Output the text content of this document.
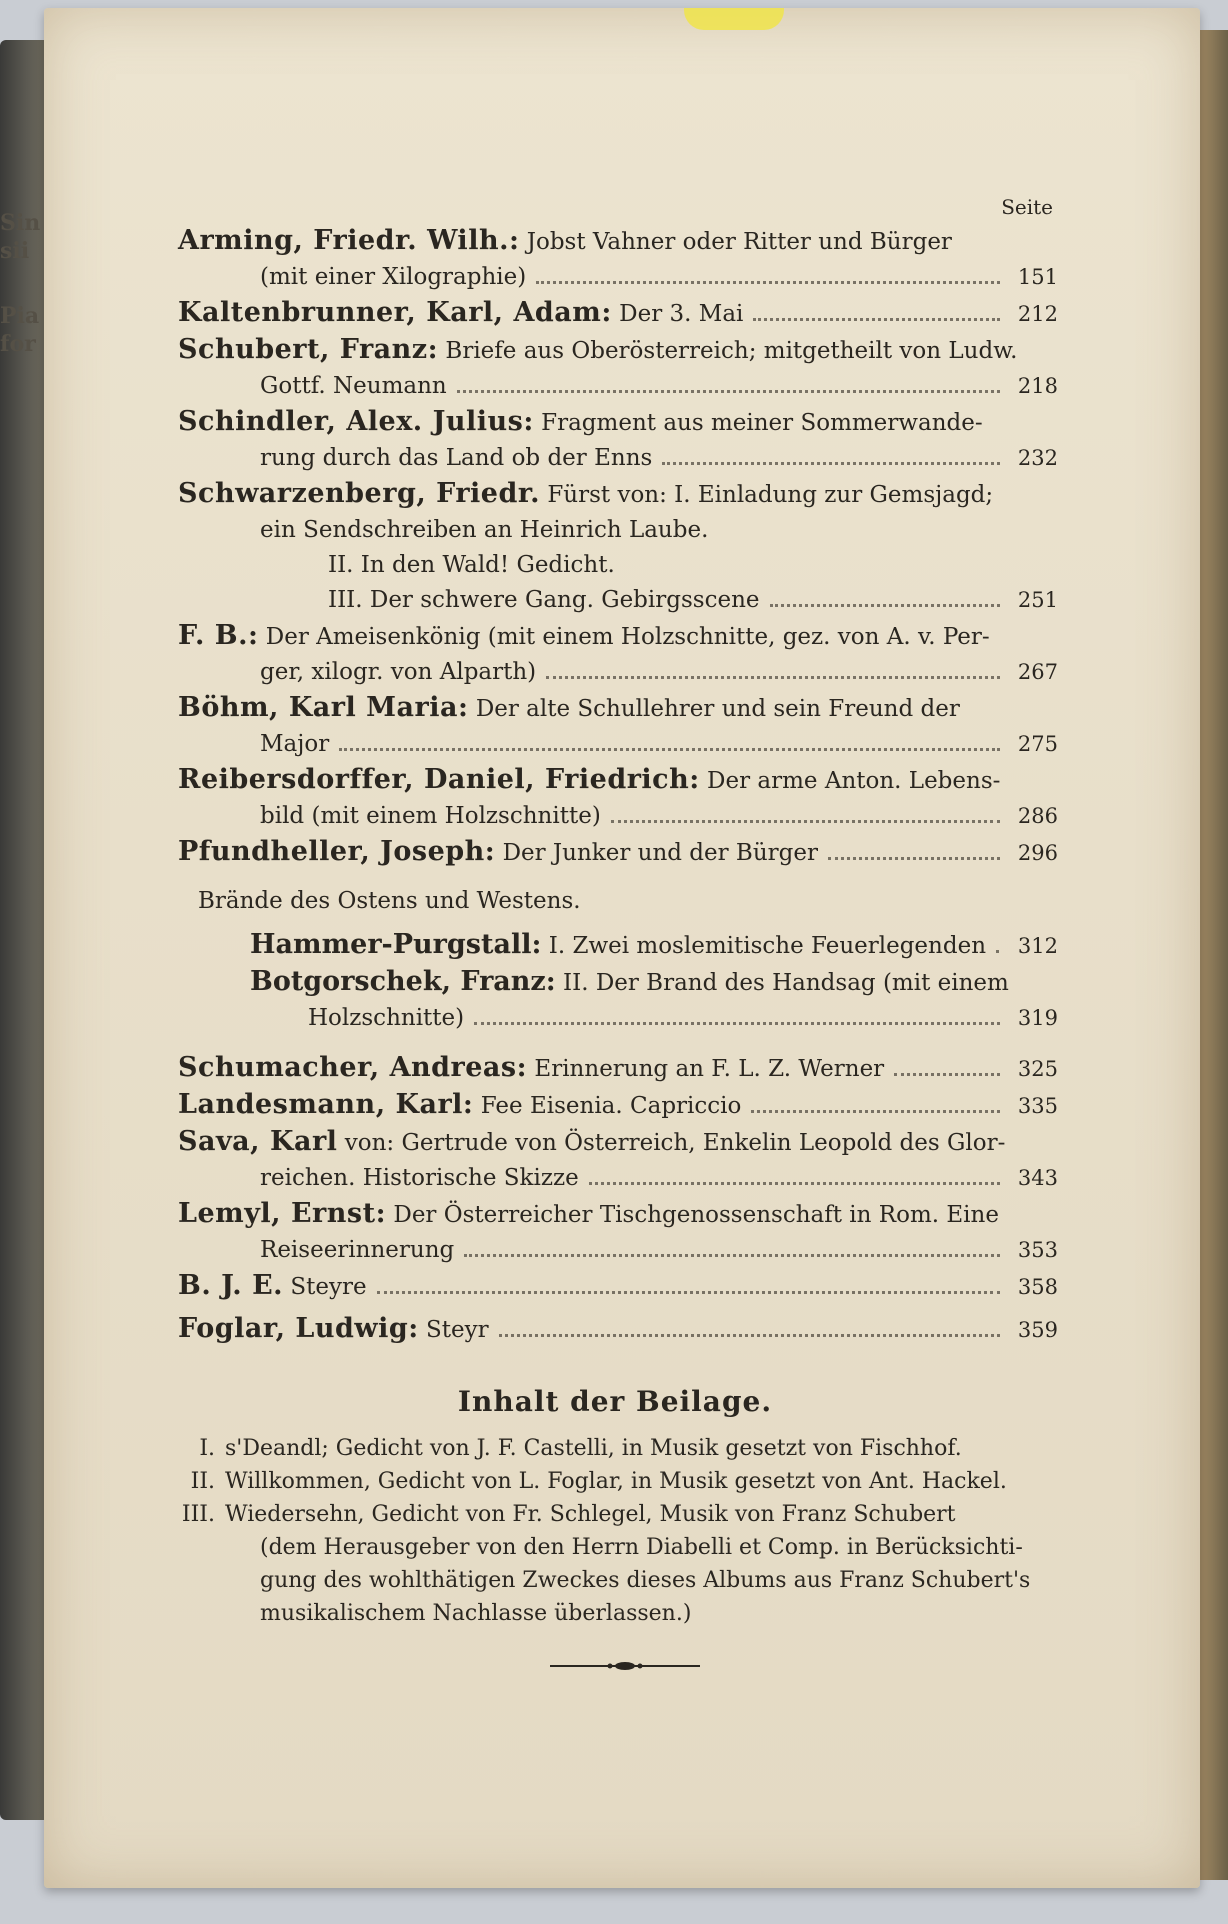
Sin
sii
Pia
for
Seite
Arming, Friedr. Wilh.: Jobst Vahner oder Ritter und Bürger
(mit einer Xilographie)	151
Kaltenbrunner, Karl, Adam: Der 3. Mai	212
Schubert, Franz: Briefe aus Oberösterreich; mitgetheilt von Ludw.
Gottf. Neumann	218
Schindler, Alex. Julius: Fragment aus meiner Sommerwande-
rung durch das Land ob der Enns	232
Schwarzenberg, Friedr. Fürst von: I. Einladung zur Gemsjagd;
ein Sendschreiben an Heinrich Laube.
II. In den Wald! Gedicht.
III. Der schwere Gang. Gebirgsscene	251
F. B.: Der Ameisenkönig (mit einem Holzschnitte, gez. von A. v. Per-
ger, xilogr. von Alparth)	267
Böhm, Karl Maria: Der alte Schullehrer und sein Freund der
Major	275
Reibersdorffer, Daniel, Friedrich: Der arme Anton. Lebens-
bild (mit einem Holzschnitte)	286
Pfundheller, Joseph: Der Junker und der Bürger	296
Brände des Ostens und Westens.
Hammer-Purgstall: I. Zwei moslemitische Feuerlegenden	312
Botgorschek, Franz: II. Der Brand des Handsag (mit einem
Holzschnitte)	319
Schumacher, Andreas: Erinnerung an F. L. Z. Werner	325
Landesmann, Karl: Fee Eisenia. Capriccio	335
Sava, Karl von: Gertrude von Österreich, Enkelin Leopold des Glor-
reichen. Historische Skizze	343
Lemyl, Ernst: Der Österreicher Tischgenossenschaft in Rom. Eine
Reiseerinnerung	353
B. J. E. Steyre	358
Foglar, Ludwig: Steyr	359
Inhalt der Beilage.
I. s'Deandl; Gedicht von J. F. Castelli, in Musik gesetzt von Fischhof.
II. Willkommen, Gedicht von L. Foglar, in Musik gesetzt von Ant. Hackel.
III. Wiedersehn, Gedicht von Fr. Schlegel, Musik von Franz Schubert
(dem Herausgeber von den Herrn Diabelli et Comp. in Berücksichti-
gung des wohlthätigen Zweckes dieses Albums aus Franz Schubert's
musikalischem Nachlasse überlassen.)
